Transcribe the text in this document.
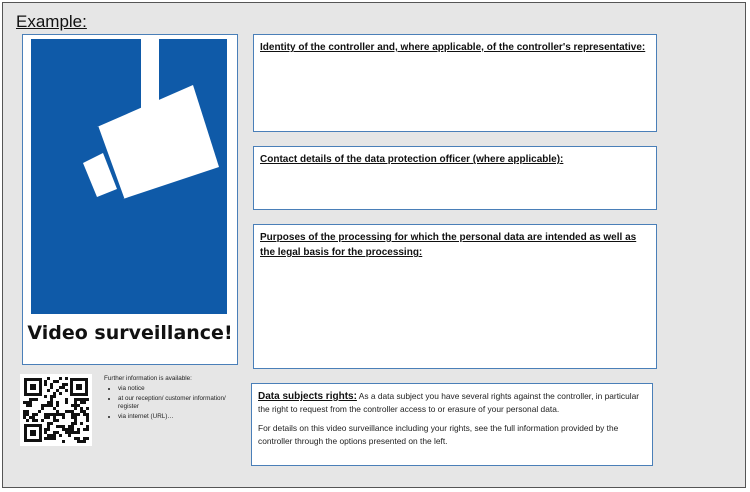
Example:
Video surveillance!
Identity of the controller and, where applicable, of the controller's representative:
Contact details of the data protection officer (where applicable):
Purposes of the processing for which the personal data are intended as well as the legal basis for the processing:
Further information is available:
• via notice
• at our reception/ customer information/ register
• via internet (URL)…

Data subjects rights: As a data subject you have several rights against the controller, in particular the right to request from the controller access to or erasure of your personal data.

For details on this video surveillance including your rights, see the full information provided by the controller through the options presented on the left.
